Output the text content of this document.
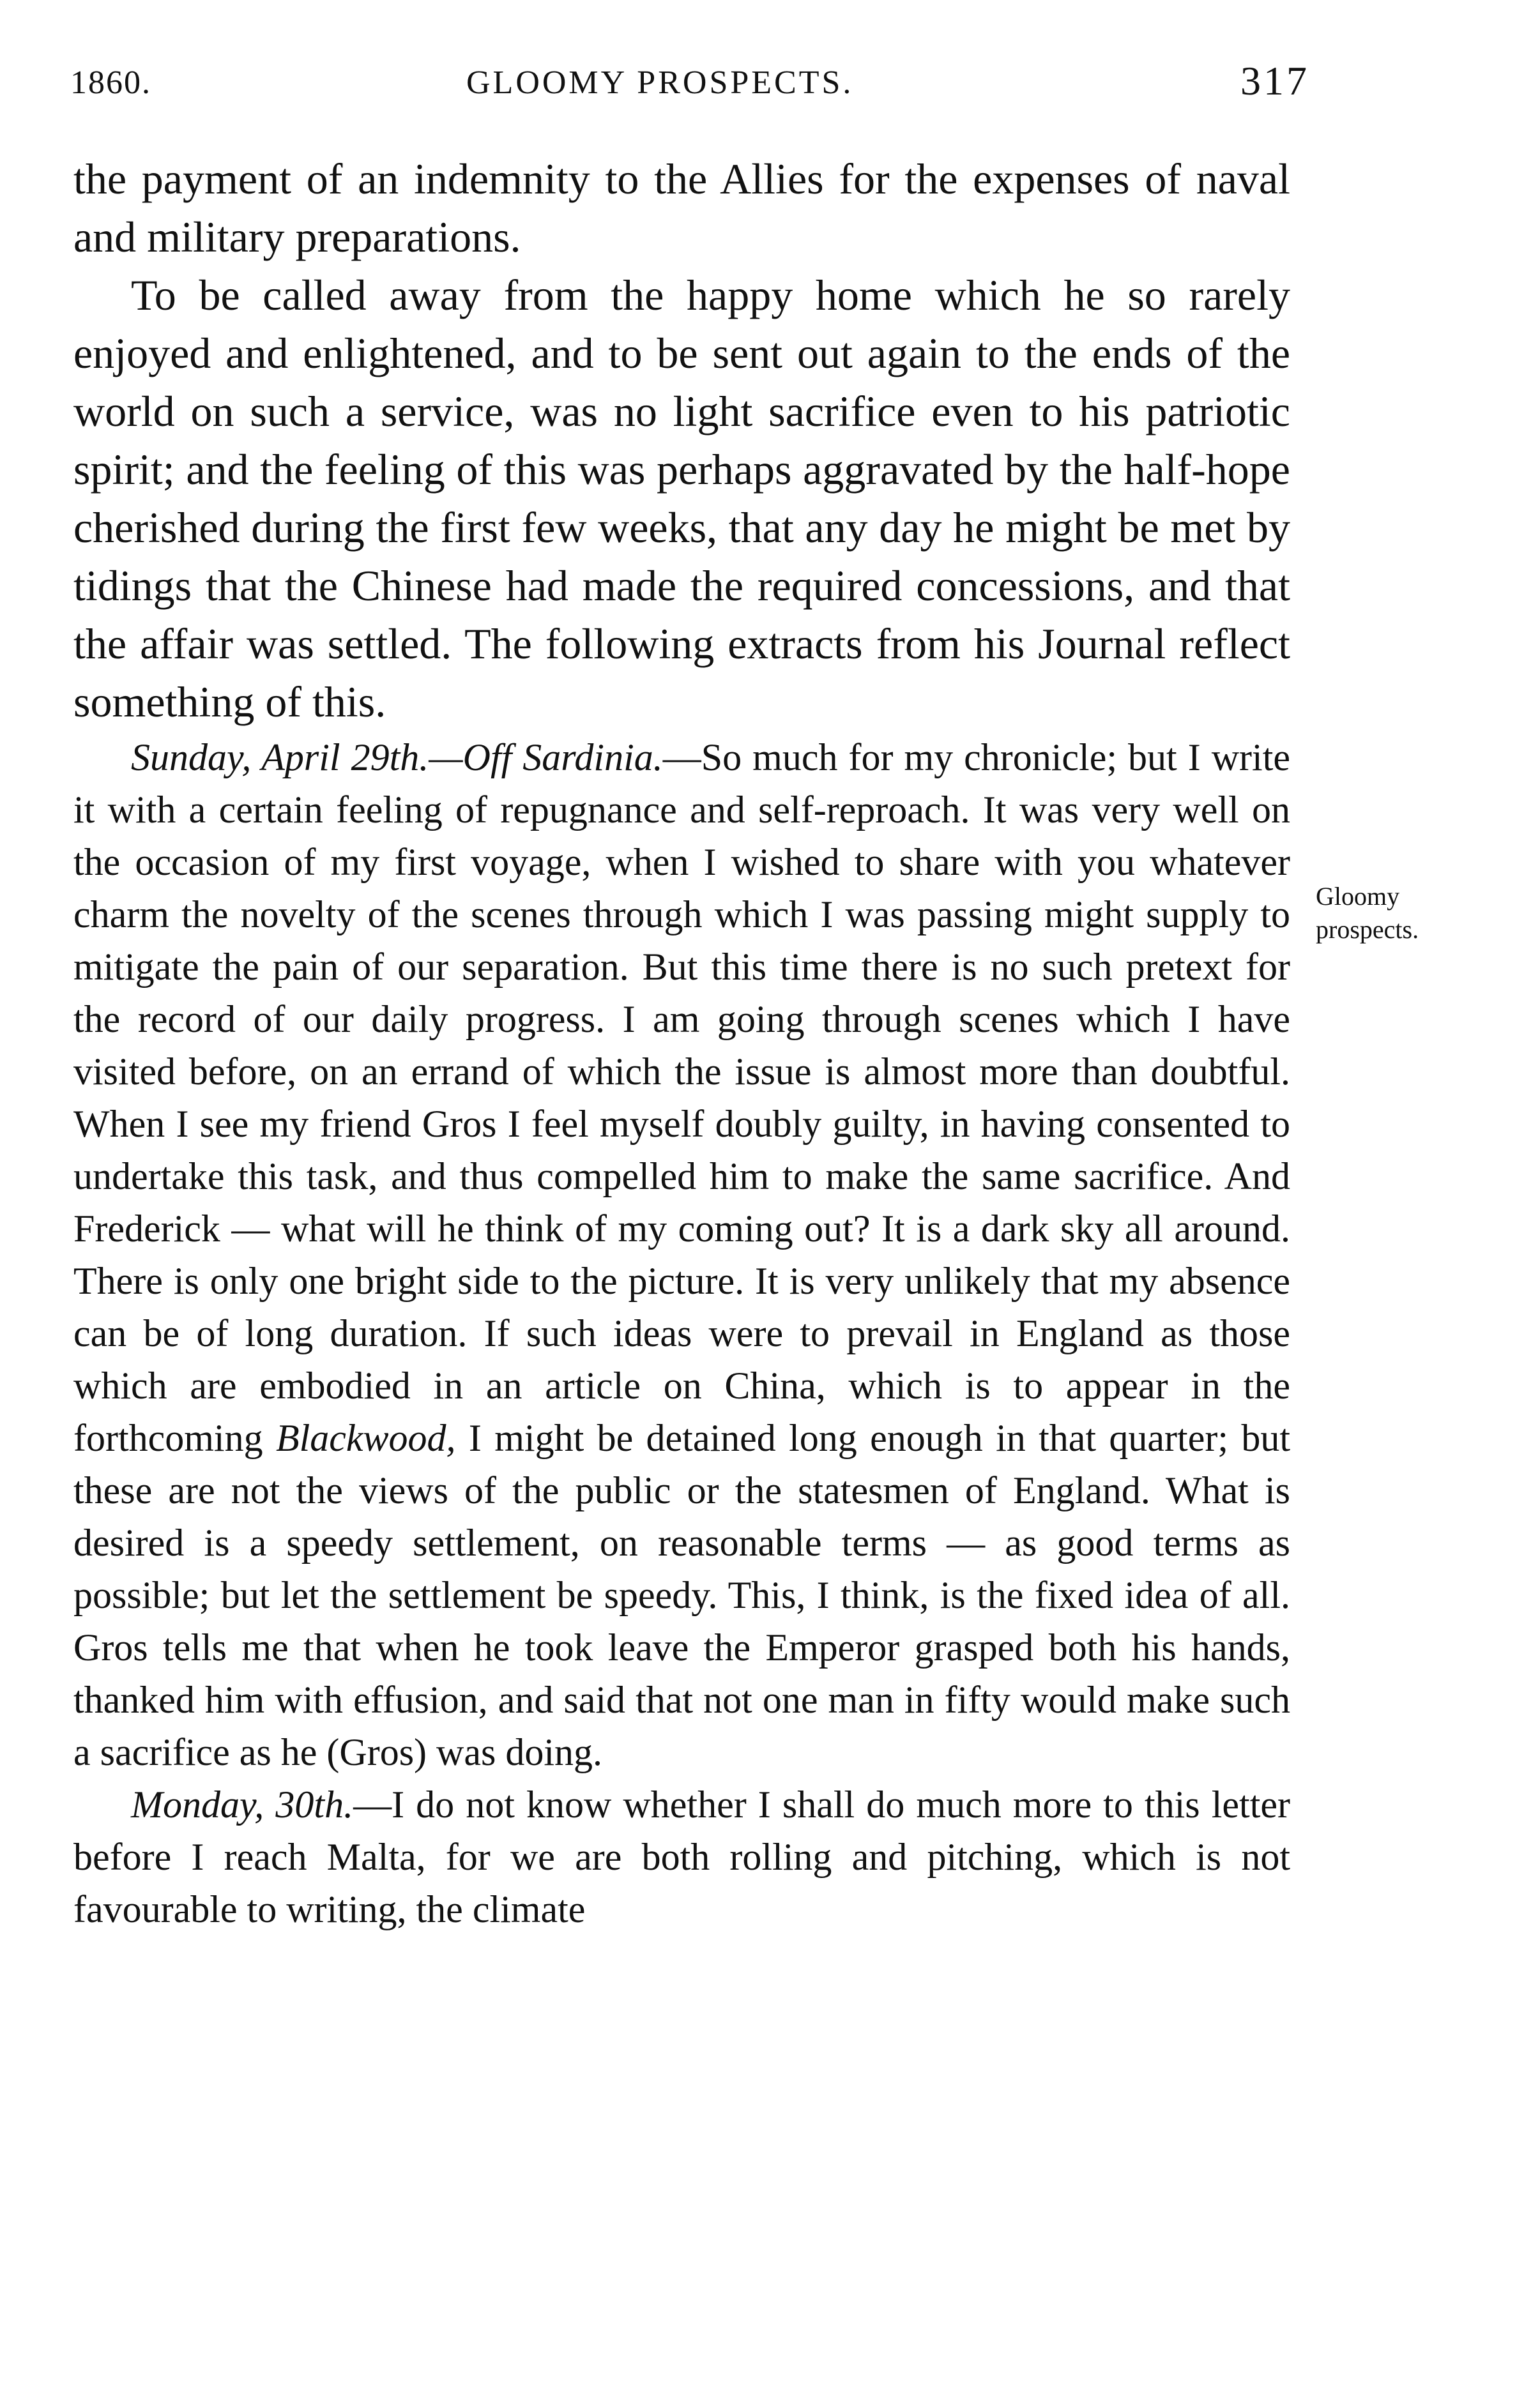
1860.	GLOOMY PROSPECTS.	317

the payment of an indemnity to the Allies for the expenses of naval and military preparations.

To be called away from the happy home which he so rarely enjoyed and enlightened, and to be sent out again to the ends of the world on such a service, was no light sacrifice even to his patriotic spirit; and the feeling of this was perhaps aggravated by the half-hope cherished during the first few weeks, that any day he might be met by tidings that the Chinese had made the required concessions, and that the affair was settled. The following extracts from his Journal reflect something of this.

Sunday, April 29th.—Off Sardinia.—So much for my chronicle; but I write it with a certain feeling of repugnance and self-reproach. It was very well on the occasion of my first voyage, when I wished to share with you whatever charm the novelty of the scenes through which I was passing might supply to mitigate the pain of our separation. But this time there is no such pretext for the record of our daily progress. I am going through scenes which I have visited before, on an errand of which the issue is almost more than doubtful. When I see my friend Gros I feel myself doubly guilty, in having consented to undertake this task, and thus compelled him to make the same sacrifice. And Frederick — what will he think of my coming out? It is a dark sky all around. There is only one bright side to the picture. It is very unlikely that my absence can be of long duration. If such ideas were to prevail in England as those which are embodied in an article on China, which is to appear in the forthcoming Blackwood, I might be detained long enough in that quarter; but these are not the views of the public or the statesmen of England. What is desired is a speedy settlement, on reasonable terms — as good terms as possible; but let the settlement be speedy. This, I think, is the fixed idea of all. Gros tells me that when he took leave the Emperor grasped both his hands, thanked him with effusion, and said that not one man in fifty would make such a sacrifice as he (Gros) was doing.

Monday, 30th.—I do not know whether I shall do much more to this letter before I reach Malta, for we are both rolling and pitching, which is not favourable to writing, the climate

Gloomy
prospects.
